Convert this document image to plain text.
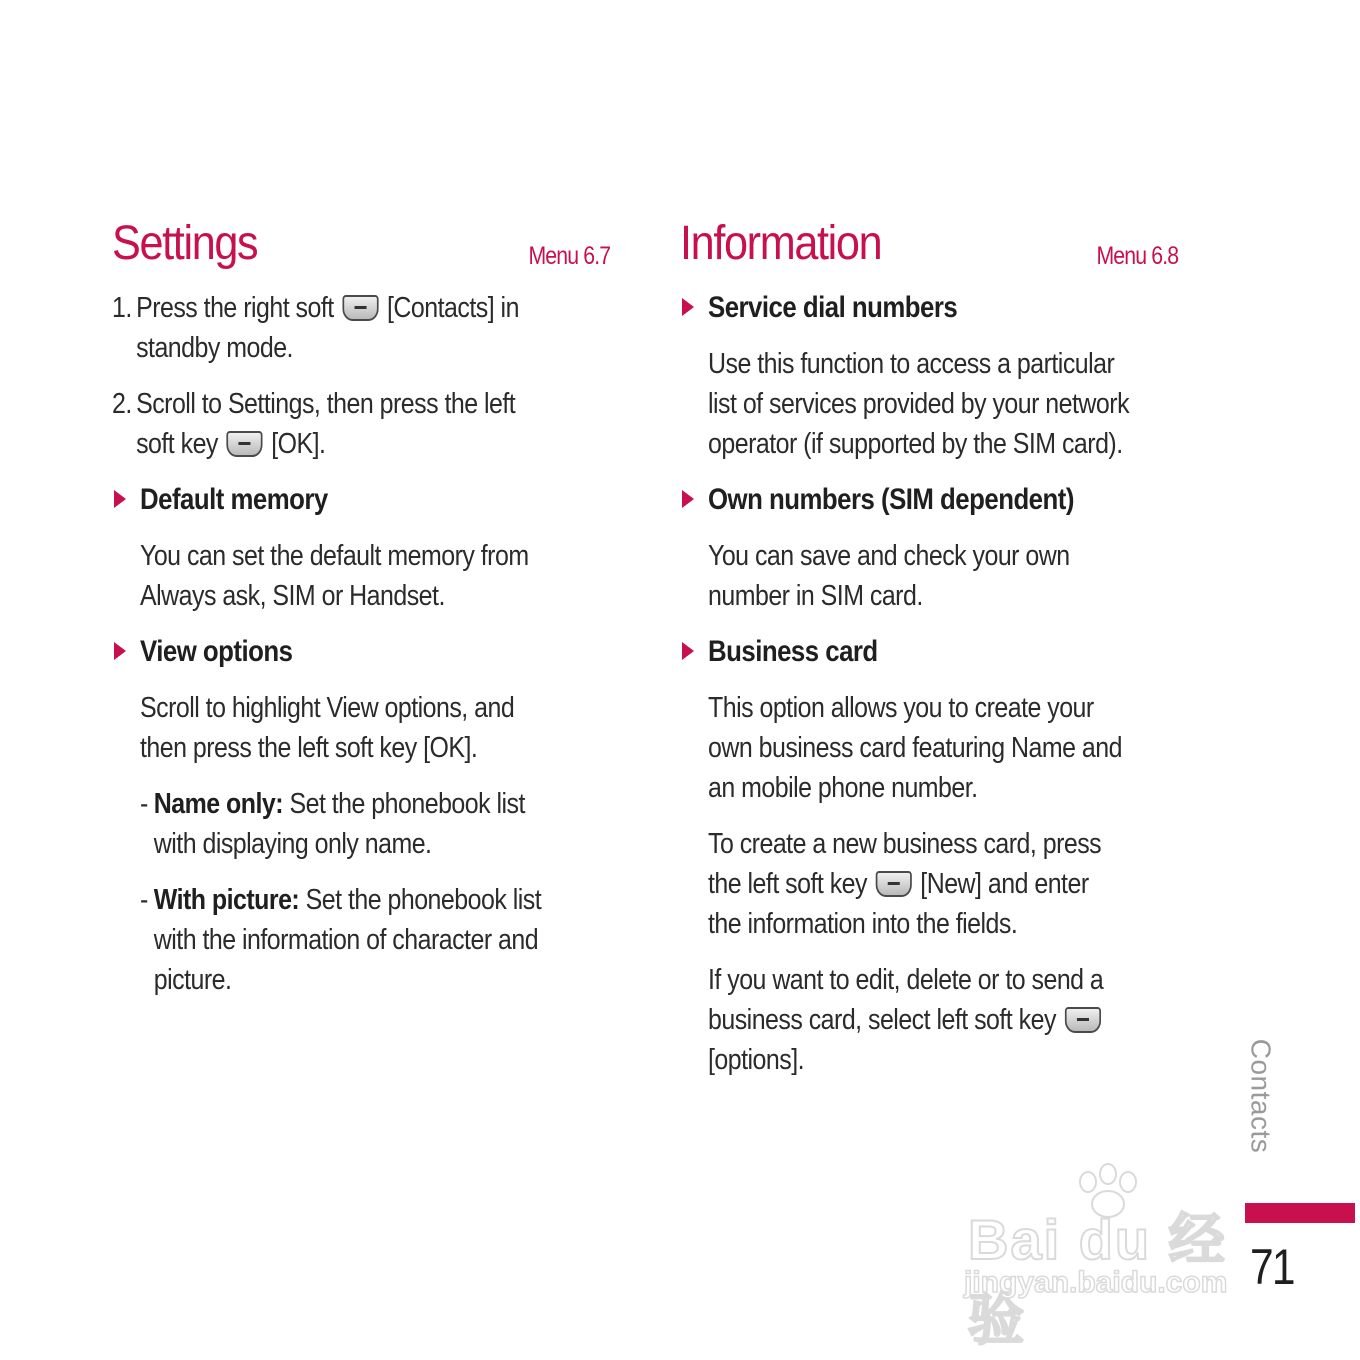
Settings	Menu 6.7
1. Press the right soft [Contacts] in
standby mode.
2. Scroll to Settings, then press the left
soft key [OK].
Default memory
You can set the default memory from
Always ask, SIM or Handset.
View options
Scroll to highlight View options, and
then press the left soft key [OK].
- Name only: Set the phonebook list
with displaying only name.
- With picture: Set the phonebook list
with the information of character and
picture.
Information	Menu 6.8
Service dial numbers
Use this function to access a particular
list of services provided by your network
operator (if supported by the SIM card).
Own numbers (SIM dependent)
You can save and check your own
number in SIM card.
Business card
This option allows you to create your
own business card featuring Name and
an mobile phone number.
To create a new business card, press
the left soft key [New] and enter
the information into the fields.
If you want to edit, delete or to send a
business card, select left soft key
[options].	Contacts
71
Bai du 经验
jingyan.baidu.com
